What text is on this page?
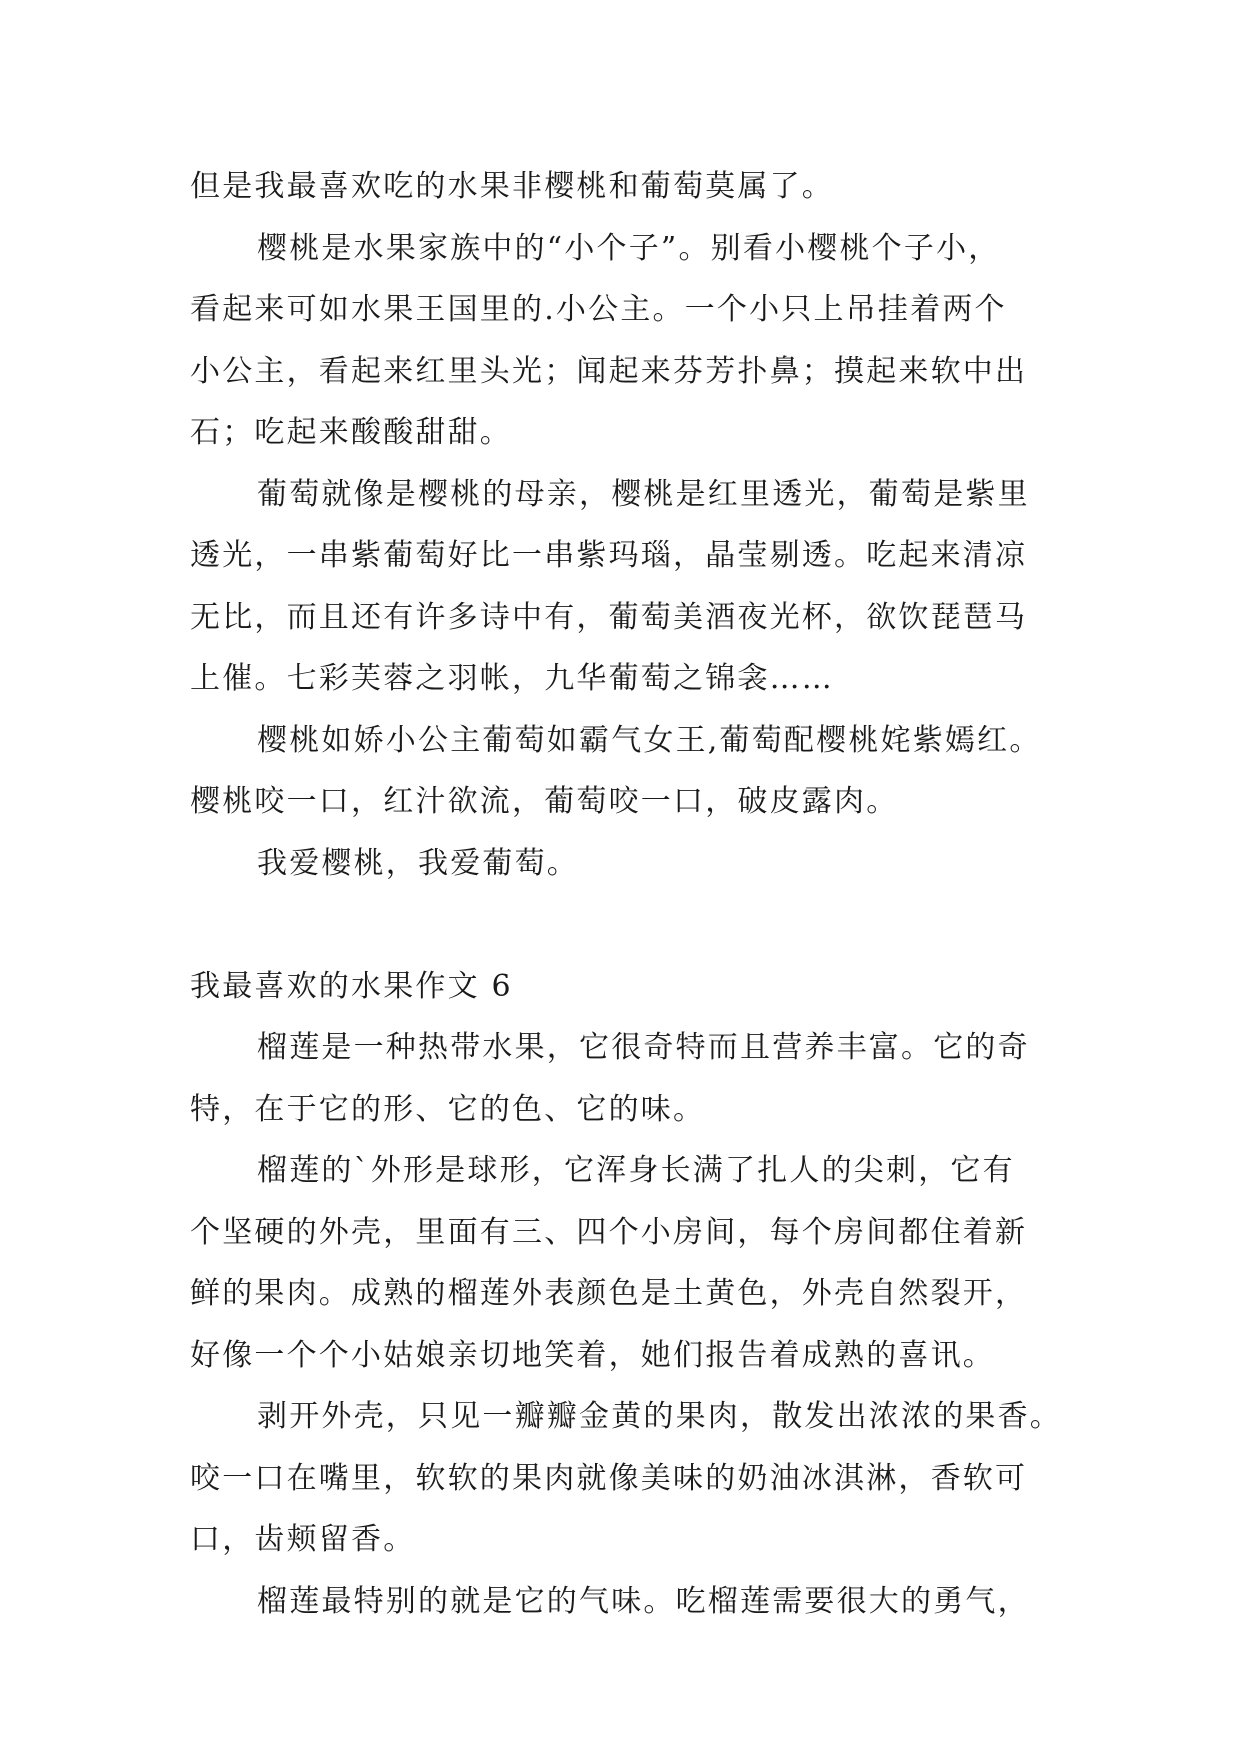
但是我最喜欢吃的水果非樱桃和葡萄莫属了。
樱桃是水果家族中的“小个子”。别看小樱桃个子小，
看起来可如水果王国里的.小公主。一个小只上吊挂着两个
小公主，看起来红里头光；闻起来芬芳扑鼻；摸起来软中出
石；吃起来酸酸甜甜。
葡萄就像是樱桃的母亲，樱桃是红里透光，葡萄是紫里
透光，一串紫葡萄好比一串紫玛瑙，晶莹剔透。吃起来清凉
无比，而且还有许多诗中有，葡萄美酒夜光杯，欲饮琵琶马
上催。七彩芙蓉之羽帐，九华葡萄之锦衾……
樱桃如娇小公主葡萄如霸气女王,葡萄配樱桃姹紫嫣红。
樱桃咬一口，红汁欲流，葡萄咬一口，破皮露肉。
我爱樱桃，我爱葡萄。
我最喜欢的水果作文 6
榴莲是一种热带水果，它很奇特而且营养丰富。它的奇
特，在于它的形、它的色、它的味。
榴莲的`外形是球形，它浑身长满了扎人的尖刺，它有
个坚硬的外壳，里面有三、四个小房间，每个房间都住着新
鲜的果肉。成熟的榴莲外表颜色是土黄色，外壳自然裂开，
好像一个个小姑娘亲切地笑着，她们报告着成熟的喜讯。
剥开外壳，只见一瓣瓣金黄的果肉，散发出浓浓的果香。
咬一口在嘴里，软软的果肉就像美味的奶油冰淇淋，香软可
口，齿颊留香。
榴莲最特别的就是它的气味。吃榴莲需要很大的勇气，
